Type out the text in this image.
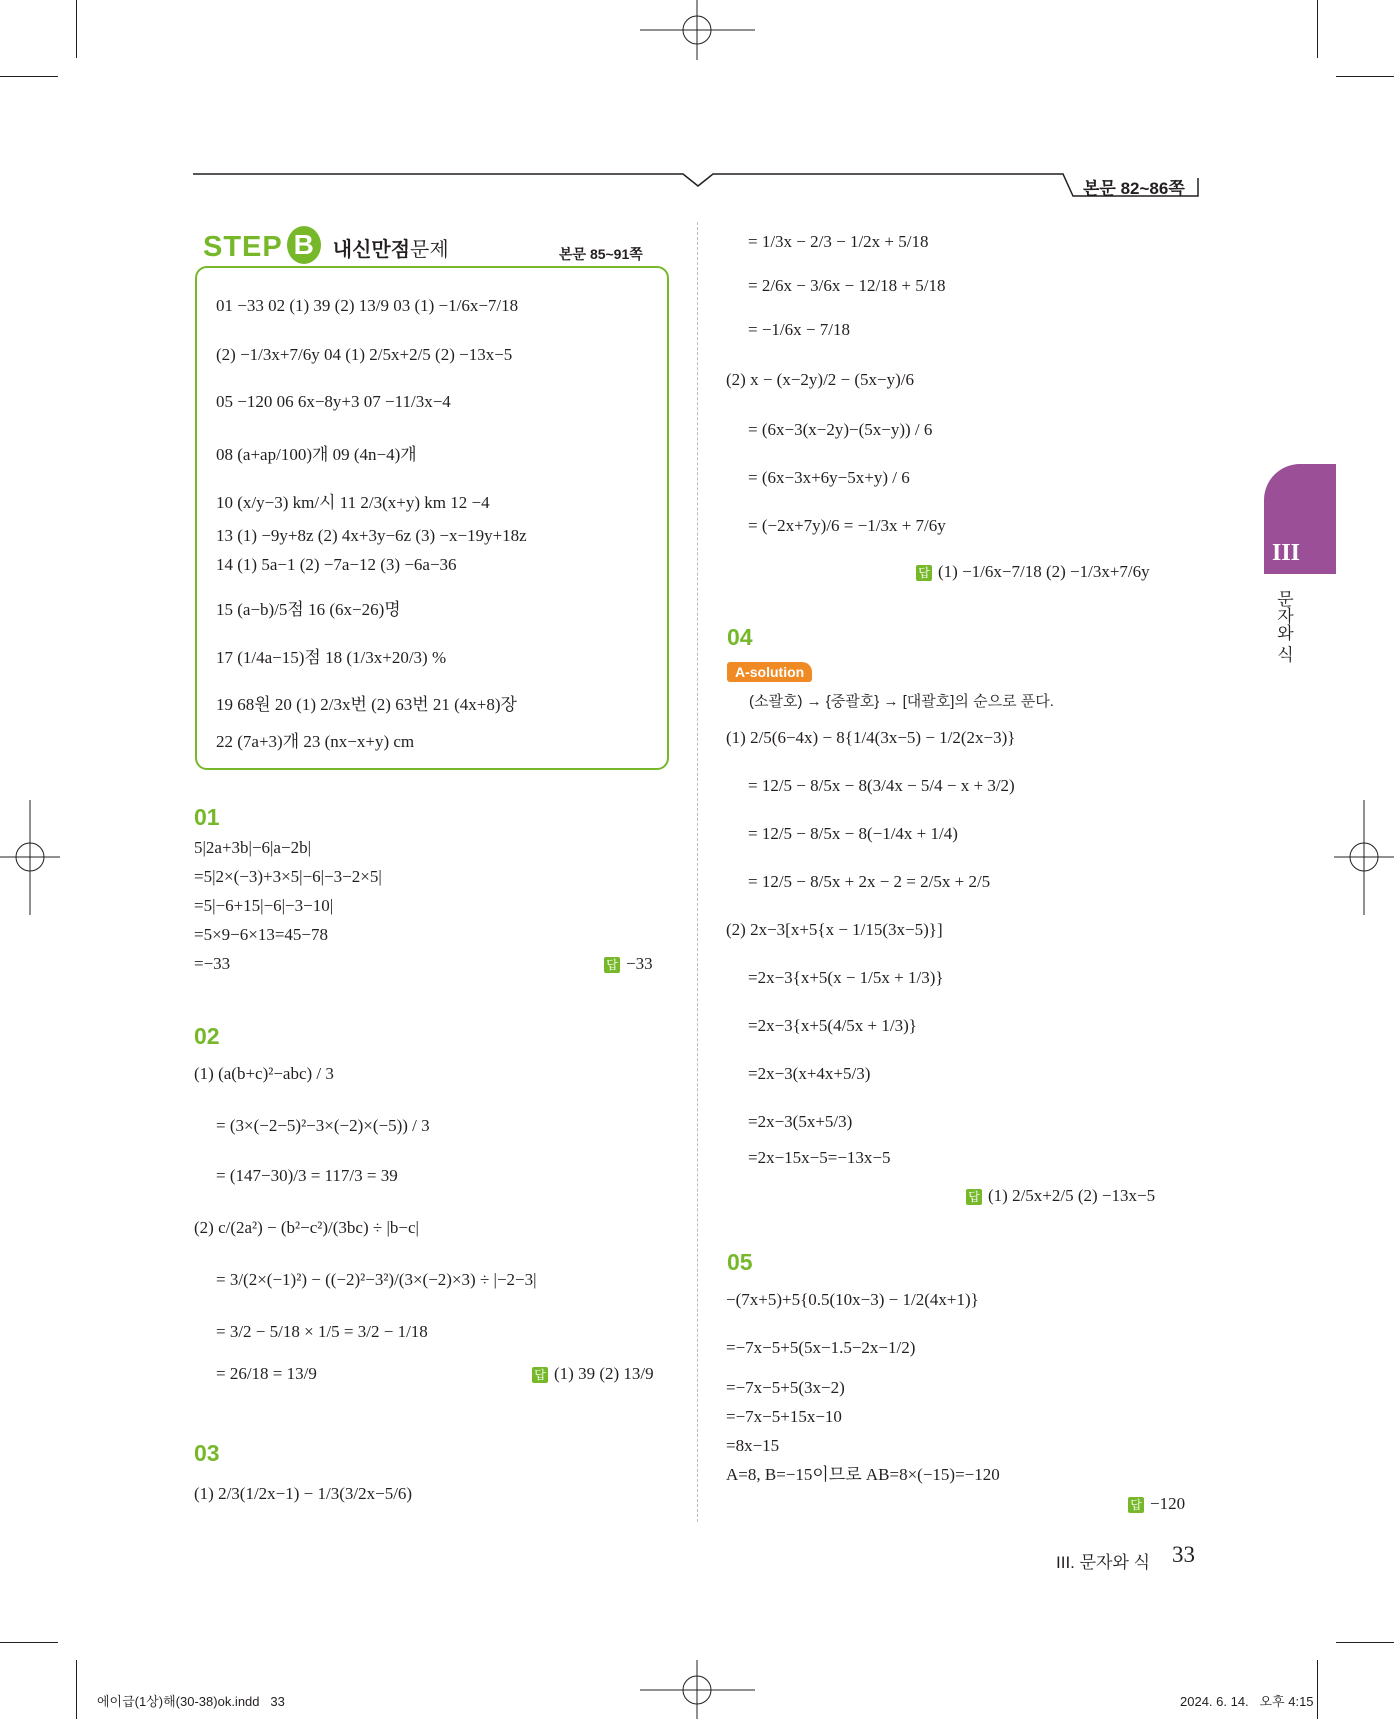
본문 82~86쪽
STEP B 내신만점문제	본문 85~91쪽
01 −33 02 (1) 39 (2) 13/9 03 (1) −1/6x−7/18
(2) −1/3x+7/6y 04 (1) 2/5x+2/5 (2) −13x−5
05 −120 06 6x−8y+3 07 −11/3x−4
08 (a+ap/100)개 09 (4n−4)개
10 (x/y−3) km/시 11 2/3(x+y) km 12 −4
13 (1) −9y+8z (2) 4x+3y−6z (3) −x−19y+18z
14 (1) 5a−1 (2) −7a−12 (3) −6a−36
15 (a−b)/5점 16 (6x−26)명
17 (1/4a−15)점 18 (1/3x+20/3) %
19 68원 20 (1) 2/3x번 (2) 63번 21 (4x+8)장
22 (7a+3)개 23 (nx−x+y) cm
01
5|2a+3b|−6|a−2b|
=5|2×(−3)+3×5|−6|−3−2×5|
=5|−6+15|−6|−3−10|
=5×9−6×13=45−78
=−33	답 −33
02
(1) (a(b+c)²−abc) / 3
= (3×(−2−5)²−3×(−2)×(−5)) / 3
= (147−30)/3 = 117/3 = 39
(2) c/(2a²) − (b²−c²)/(3bc) ÷ |b−c|
= 3/(2×(−1)²) − ((−2)²−3²)/(3×(−2)×3) ÷ |−2−3|
= 3/2 − 5/18 × 1/5 = 3/2 − 1/18
= 26/18 = 13/9	답 (1) 39 (2) 13/9
03
(1) 2/3(1/2x−1) − 1/3(3/2x−5/6)
= 1/3x − 2/3 − 1/2x + 5/18
= 2/6x − 3/6x − 12/18 + 5/18
= −1/6x − 7/18
(2) x − (x−2y)/2 − (5x−y)/6
= (6x−3(x−2y)−(5x−y)) / 6
= (6x−3x+6y−5x+y) / 6
= (−2x+7y)/6 = −1/3x + 7/6y
답 (1) −1/6x−7/18 (2) −1/3x+7/6y
04
A-solution
(소괄호) → {중괄호} → [대괄호]의 순으로 푼다.
(1) 2/5(6−4x) − 8{1/4(3x−5) − 1/2(2x−3)}
= 12/5 − 8/5x − 8(3/4x − 5/4 − x + 3/2)
= 12/5 − 8/5x − 8(−1/4x + 1/4)
= 12/5 − 8/5x + 2x − 2 = 2/5x + 2/5
(2) 2x−3[x+5{x − 1/15(3x−5)}]
=2x−3{x+5(x − 1/5x + 1/3)}
=2x−3{x+5(4/5x + 1/3)}
=2x−3(x+4x+5/3)
=2x−3(5x+5/3)
=2x−15x−5=−13x−5
답 (1) 2/5x+2/5 (2) −13x−5
05
−(7x+5)+5{0.5(10x−3) − 1/2(4x+1)}
=−7x−5+5(5x−1.5−2x−1/2)
=−7x−5+5(3x−2)
=−7x−5+15x−10
=8x−15
A=8, B=−15이므로 AB=8×(−15)=−120
답 −120
III
문자와 식
III. 문자와 식 33
에이급(1상)해(30-38)ok.indd   33	2024. 6. 14.   오후 4:15
